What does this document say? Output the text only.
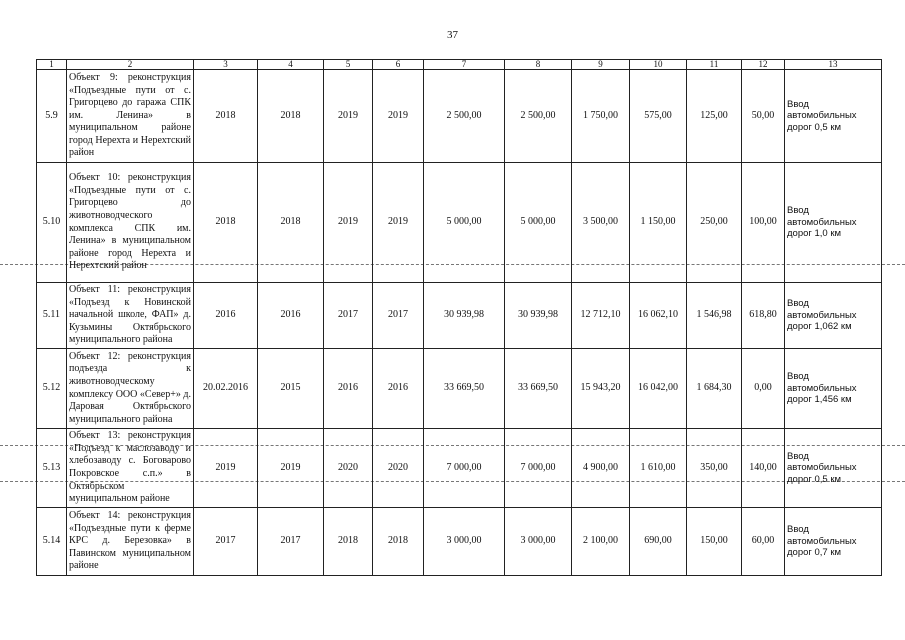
37
1	2	3	4	5	6	7	8	9	10	11	12	13
5.9	Объект 9: реконструкция «Подъездные пути от с. Григорцево до гаража СПК им. Ленина» в муниципальном районе город Нерехта и Нерехтский район	2018	2018	2019	2019	2 500,00	2 500,00	1 750,00	575,00	125,00	50,00	Ввод автомобильных дорог 0,5 км
5.10	Объект 10: реконструкция «Подъездные пути от с. Григорцево до животноводческого комплекса СПК им. Ленина» в муниципальном районе город Нерехта и Нерехтский район	2018	2018	2019	2019	5 000,00	5 000,00	3 500,00	1 150,00	250,00	100,00	Ввод автомобильных дорог 1,0 км
5.11	Объект 11: реконструкция «Подъезд к Новинской начальной школе, ФАП» д. Кузьмины Октябрьского муниципального района	2016	2016	2017	2017	30 939,98	30 939,98	12 712,10	16 062,10	1 546,98	618,80	Ввод автомобильных дорог 1,062 км
5.12	Объект 12: реконструкция подъезда к животноводческому комплексу ООО «Север+» д. Даровая Октябрьского муниципального района	20.02.2016	2015	2016	2016	33 669,50	33 669,50	15 943,20	16 042,00	1 684,30	0,00	Ввод автомобильных дорог 1,456 км
5.13	Объект 13: реконструкция «Подъезд к маслозаводу и хлебозаводу с. Боговарово Покровское с.п.» в Октябрьском муниципальном районе	2019	2019	2020	2020	7 000,00	7 000,00	4 900,00	1 610,00	350,00	140,00	Ввод автомобильных дорог 0,5 км
5.14	Объект 14: реконструкция «Подъездные пути к ферме КРС д. Березовка» в Павинском муниципальном районе	2017	2017	2018	2018	3 000,00	3 000,00	2 100,00	690,00	150,00	60,00	Ввод автомобильных дорог 0,7 км
